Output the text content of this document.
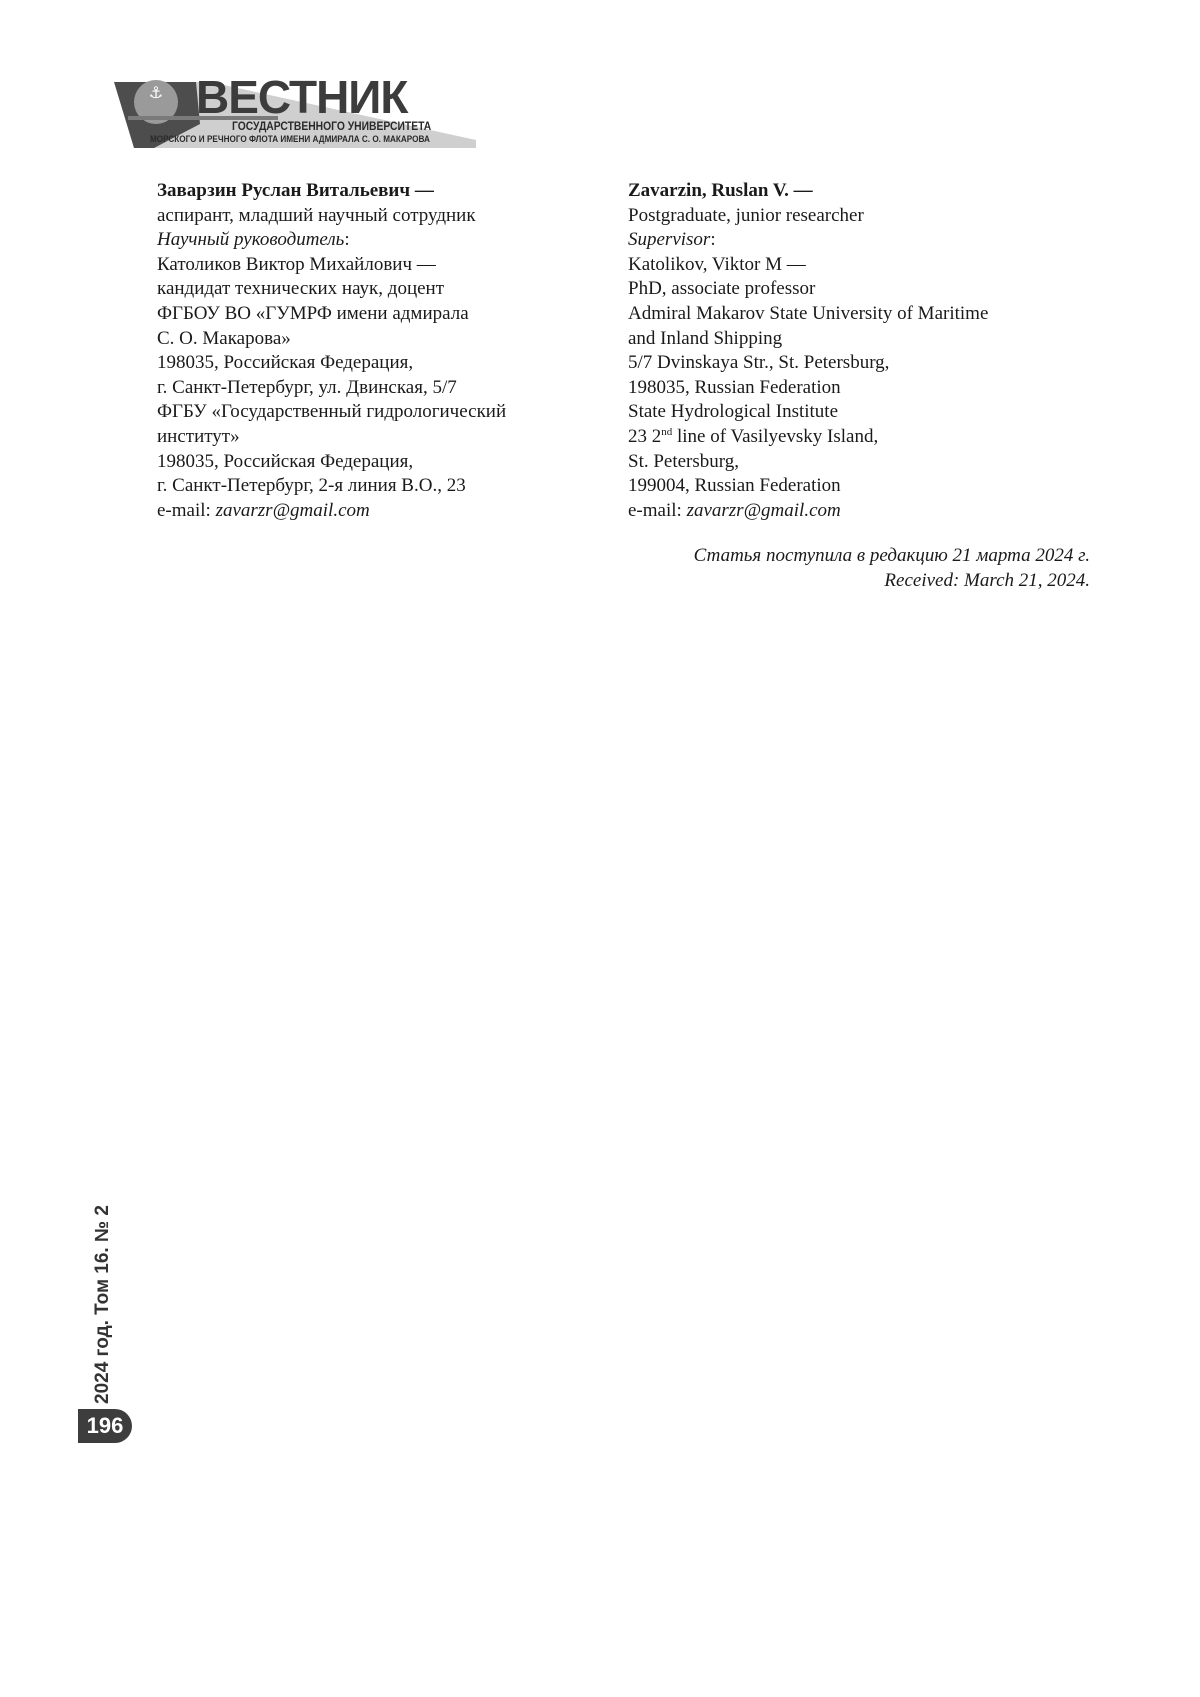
⚓ ВЕСТНИК

ГОСУДАРСТВЕННОГО УНИВЕРСИТЕТА

МОРСКОГО И РЕЧНОГО ФЛОТА ИМЕНИ АДМИРАЛА С. О. МАКАРОВА

Заварзин Руслан Витальевич —

аспирант, младший научный сотрудник

Научный руководитель:

Католиков Виктор Михайлович —

кандидат технических наук, доцент

ФГБОУ ВО «ГУМРФ имени адмирала

С. О. Макарова»

198035, Российская Федерация,

г. Санкт-Петербург, ул. Двинская, 5/7

ФГБУ «Государственный гидрологический

институт»

198035, Российская Федерация,

г. Санкт-Петербург, 2-я линия В.О., 23

e-mail: zavarzr@gmail.com

Zavarzin, Ruslan V. —

Postgraduate, junior researcher

Supervisor:

Katolikov, Viktor M —

PhD, associate professor

Admiral Makarov State University of Maritime

and Inland Shipping

5/7 Dvinskaya Str., St. Petersburg,

198035, Russian Federation

State Hydrological Institute

23 2nd line of Vasilyevsky Island,

St. Petersburg,

199004, Russian Federation

e-mail: zavarzr@gmail.com

Статья поступила в редакцию 21 марта 2024 г.

Received: March 21, 2024.

2024 год. Том 16. № 2

196
